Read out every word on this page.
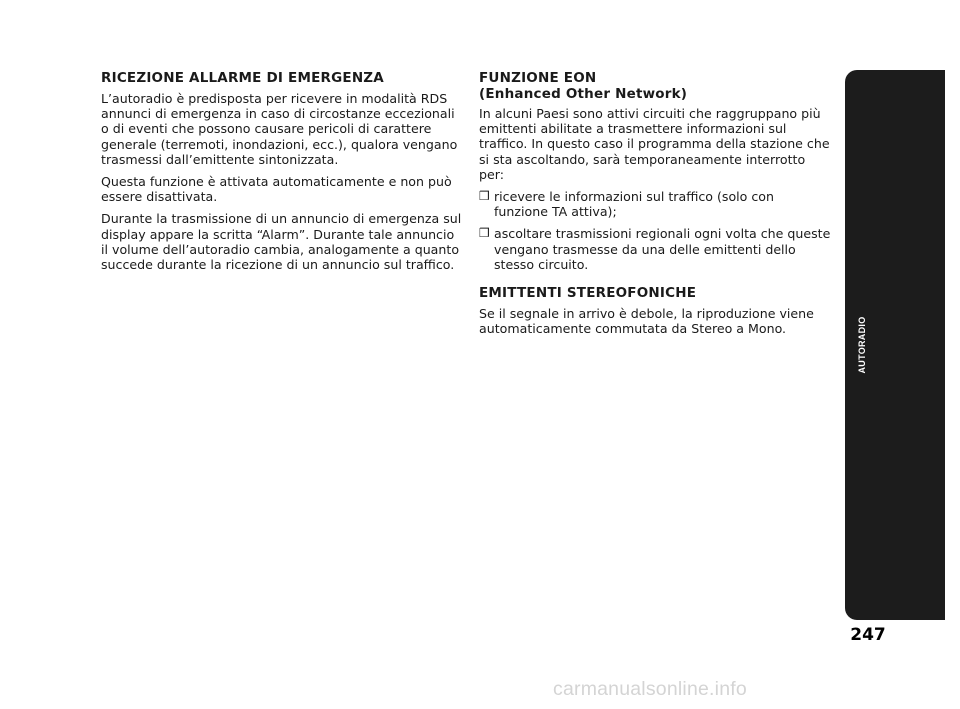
RICEZIONE ALLARME DI EMERGENZA

L’autoradio è predisposta per ricevere in modalità RDS annunci di emergenza in caso di circostanze eccezionali o di eventi che possono causare pericoli di carattere generale (terremoti, inondazioni, ecc.), qualora vengano trasmessi dall’emittente sintonizzata.

Questa funzione è attivata automaticamente e non può essere disattivata.

Durante la trasmissione di un annuncio di emergenza sul display appare la scritta “Alarm”. Durante tale annuncio il volume dell’autoradio cambia, analogamente a quanto succede durante la ricezione di un annuncio sul traffico.

FUNZIONE EON
(Enhanced Other Network)

In alcuni Paesi sono attivi circuiti che raggruppano più emittenti abilitate a trasmettere informazioni sul traffico. In questo caso il programma della stazione che si sta ascoltando, sarà temporaneamente interrotto per:

❒ ricevere le informazioni sul traffico (solo con funzione TA attiva);
❒ ascoltare trasmissioni regionali ogni volta che queste vengano trasmesse da una delle emittenti dello stesso circuito.
EMITTENTI STEREOFONICHE

Se il segnale in arrivo è debole, la riproduzione viene automaticamente commutata da Stereo a Mono.	AUTORADIO
247
carmanualsonline.info
